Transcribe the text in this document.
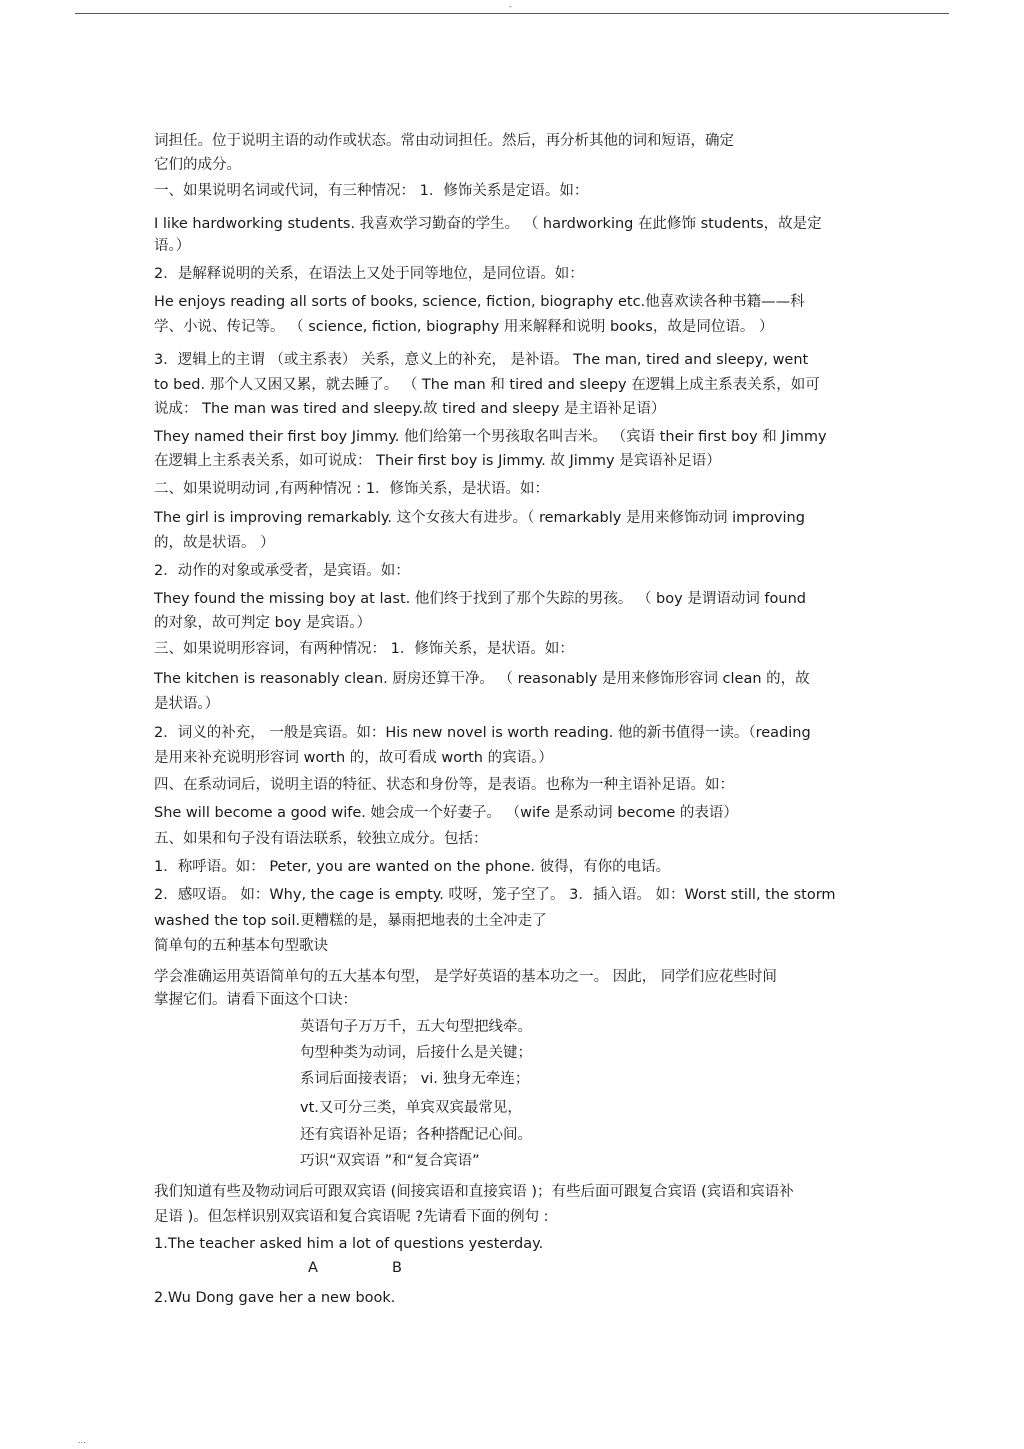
-
词担任。位于说明主语的动作或状态。常由动词担任。然后，再分析其他的词和短语，确定
它们的成分。
一、如果说明名词或代词，有三种情况： 1．修饰关系是定语。如：
I like hardworking students. 我喜欢学习勤奋的学生。 （ hardworking 在此修饰 students，故是定
语。）
2．是解释说明的关系，在语法上又处于同等地位，是同位语。如：
He enjoys reading all sorts of books, science, fiction, biography etc.他喜欢读各种书籍——科
学、小说、传记等。 （ science, fiction, biography 用来解释和说明 books，故是同位语。 ）
3．逻辑上的主谓 （或主系表） 关系，意义上的补充， 是补语。 The man, tired and sleepy, went
to bed. 那个人又困又累，就去睡了。 （ The man 和 tired and sleepy 在逻辑上成主系表关系，如可
说成： The man was tired and sleepy.故 tired and sleepy 是主语补足语）
They named their first boy Jimmy. 他们给第一个男孩取名叫吉米。 （宾语 their first boy 和 Jimmy
在逻辑上主系表关系，如可说成： Their first boy is Jimmy. 故 Jimmy 是宾语补足语）
二、如果说明动词 ,有两种情况 : 1．修饰关系，是状语。如：
The girl is improving remarkably. 这个女孩大有进步。（ remarkably 是用来修饰动词 improving
的，故是状语。 ）
2．动作的对象或承受者，是宾语。如：
They found the missing boy at last. 他们终于找到了那个失踪的男孩。 （ boy 是谓语动词 found
的对象，故可判定 boy 是宾语。）
三、如果说明形容词，有两种情况： 1．修饰关系，是状语。如：
The kitchen is reasonably clean. 厨房还算干净。 （ reasonably 是用来修饰形容词 clean 的，故
是状语。）
2．词义的补充， 一般是宾语。如：His new novel is worth reading. 他的新书值得一读。（reading
是用来补充说明形容词 worth 的，故可看成 worth 的宾语。）
四、在系动词后，说明主语的特征、状态和身份等，是表语。也称为一种主语补足语。如：
She will become a good wife. 她会成一个好妻子。 （wife 是系动词 become 的表语）
五、如果和句子没有语法联系，较独立成分。包括：
1．称呼语。如： Peter, you are wanted on the phone. 彼得，有你的电话。
2．感叹语。 如：Why, the cage is empty. 哎呀，笼子空了。 3．插入语。 如：Worst still, the storm
washed the top soil.更糟糕的是，暴雨把地表的土全冲走了
简单句的五种基本句型歌诀
学会准确运用英语简单句的五大基本句型， 是学好英语的基本功之一。 因此， 同学们应花些时间
掌握它们。请看下面这个口诀：
英语句子万万千，五大句型把线牵。
句型种类为动词，后接什么是关键；
系词后面接表语； vi. 独身无牵连；
vt.又可分三类，单宾双宾最常见，
还有宾语补足语；各种搭配记心间。
巧识“双宾语 ”和“复合宾语”
我们知道有些及物动词后可跟双宾语 (间接宾语和直接宾语 )；有些后面可跟复合宾语 (宾语和宾语补
足语 )。但怎样识别双宾语和复合宾语呢 ?先请看下面的例句 :
1.The teacher asked him a lot of questions yesterday.
A	B
2.Wu Dong gave her a new book.
...
